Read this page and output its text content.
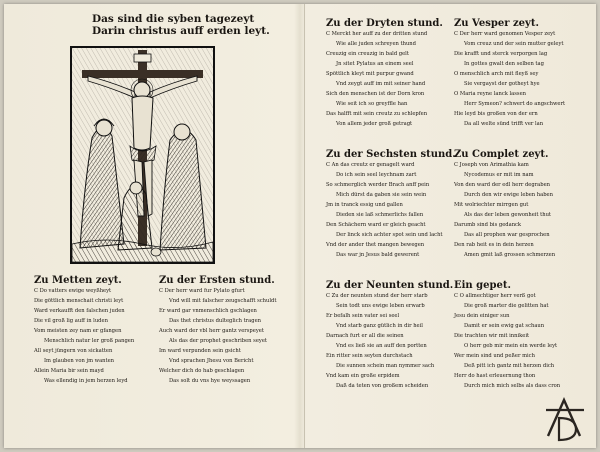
Das sind die syben tagezeyt
Darin christus auff erden leyt.
Zu Metten zeyt.
C Do vatters ewige weyßheyt
Die göttlich menschait christi leyt
Ward verkaufft den falschen juden
Die vil groß lig auff in luden
Vom meisten zey nam er gfangen
Menschlich natur ler groß pangen
All seyt jüngern von sickatten
Im glauben von jm wanten
Allein Maria bir sein mayd
Was ellendig in jem herzen leyd
Zu der Ersten stund.
C Der herr ward fur Pylato gfurt
Vnd will mit falscher zeugschafft schuldt
Er ward gar vnmenschlich gschlagen
Das thet christus dulteglich tragen
Auch ward der vbl herr gantz verspeyet
Als das der prophet geschriben seyet
Im ward verpunden sein gsicht
Vnd sprachen Jhesu von Bericht
Welcher dich do hab geschlagen
Das solt du vns hye weyssagen
Zu der Dryten stund.
C Merckt her auff zu der dritten stund
Wie alle juden schreyen thund
Creuzig ein creuzig in bald gelt
Jn sitet Pylatus an einem seel
Spöttlich kleyt mit purpur gwand
Vnd zeygt auff im mit seiner hand
Sich den menschen ist der Dorn kron
Wie seit ich so greyffle han
Das halfft mit sein creutz zu schlepfen
Von allem jeder groß getragt
Zu der Sechsten stund.
C An das creutz er genagelt ward
Do ich sein seel leychnam zart
So schmerglich werder Brach anff pein
Mich dürst da gaben sie sein wein
Jm in tranck essig und gallen
Dieden sie laß schmerlichs fallen
Den Schächern ward er gleich geacht
Der linck sich achter spot sein und lacht
Vnd der ander thet mangen bewegen
Das war jn Jesus bald gewerent
Zu der Neunten stund.
C Zu der neunten stund der herr starb
Sein todt uns ewige leben erwarb
Er befalh sein vater sei seel
Vnd starb ganz gütlich in dir heil
Darnach furt er all die seinen
Vnd es ließ sie an auff den portten
Ein ritter sein seyten durchstach
Die sunnen schein man nymmer sach
Vnd kam ein große erpidem
Daß da teten von großem scheiden
Zu Vesper zeyt.
C Der herr ward genomen Vesper zeyt
Vom creuz und der sein mutter geleyt
Die krafft und sterck verporgen lag
In gottes gwalt den selben tag
O menschlich arch mit fleyß sey
Sie vergayst der gotheyt hye
O Maria reyne lanck lassen
Herr Symeon? schwert do angschwert
Hie leyd bis großen von der ern
Da all welte sünd trifft ver lan
Zu Complet zeyt.
C Joseph von Arimathia kam
Nycodemus er mit im nam
Von den ward der edl herr degraben
Durch den wir ewige leben haben
Mit wolriechter mirrgen gut
Als das der leben gewonheit thut
Darumb sind bis gedanck
Das all prophen war gesprochen
Den rab heit es in dein herzen
Amen gmit laß grossen schmerzen
Ein gepet.
C O allmechtiger herr verß got
Die groß marter die gelitten hat
Jesu dein einiger sun
Damit er sein ewig gat schaun
Die trachten wir mit innikeit
O herr geb mir mein ein werde leyt
Wer mein sind und peßer mich
Deß pitt ich gantz mit herzen dich
Herr do hast erleuernung thon
Durch mich mich selbs als dass cron
